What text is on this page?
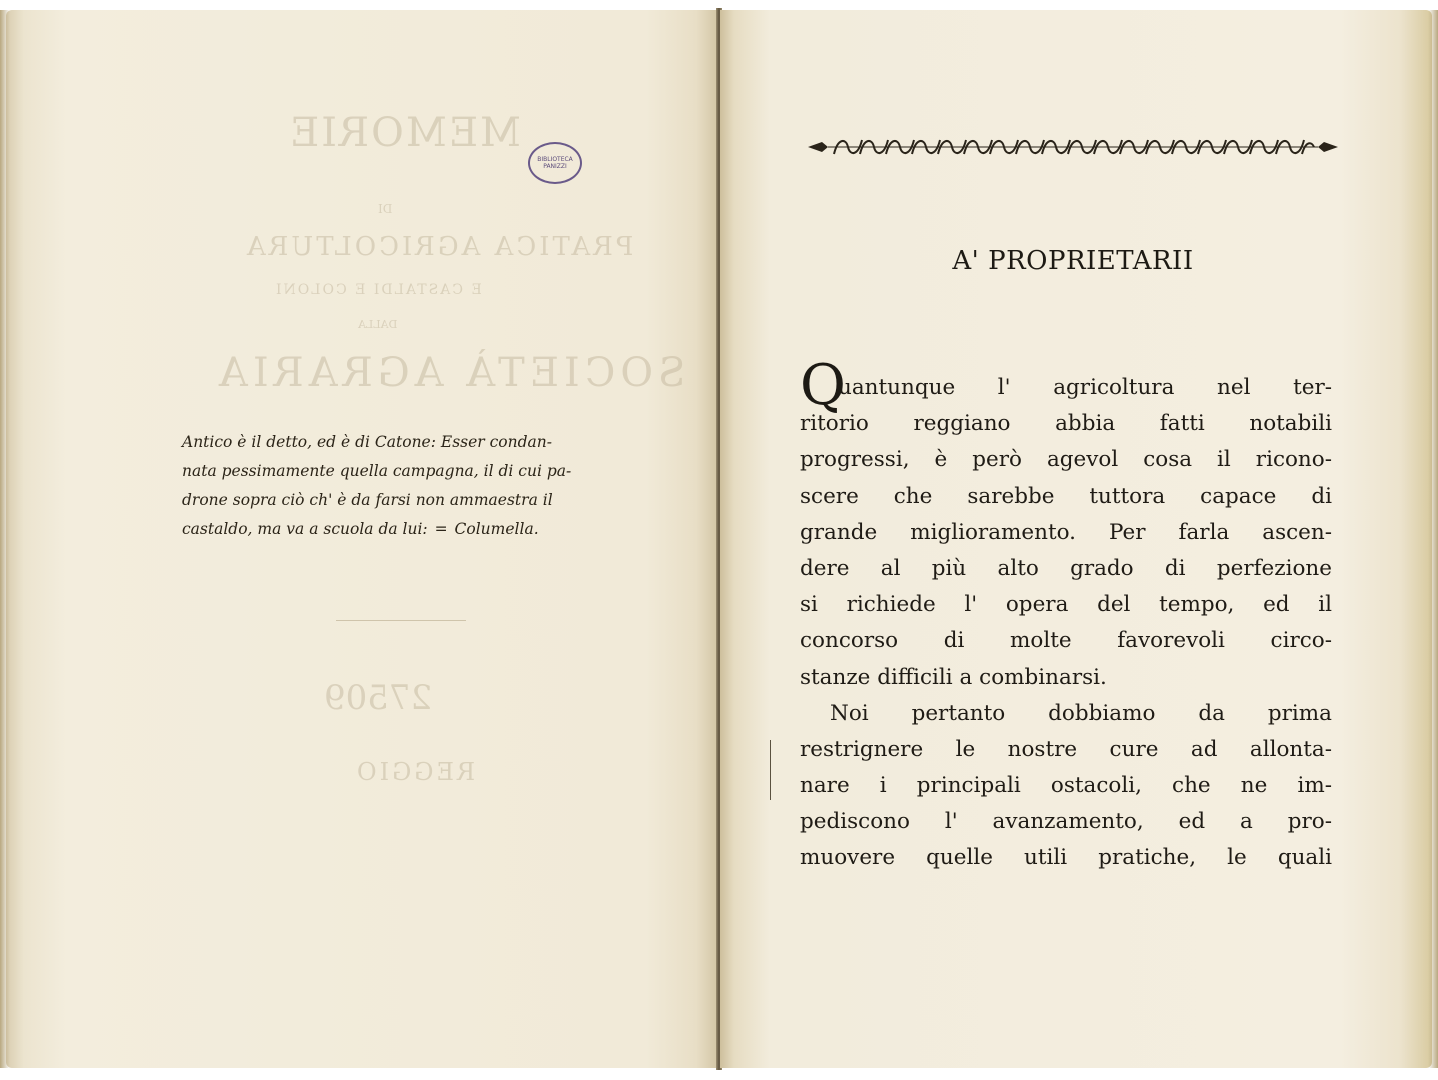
MEMORIE
DI
PRATICA AGRICOLTURA
E CASTALDI E COLONI
DALLA
SOCIETÀ AGRARIA
27509
REGGIO
BIBLIOTECA
PANIZZI
Antico è il detto, ed è di Catone: Esser condan-
nata pessimamente quella campagna, il di cui pa-
drone sopra ciò ch' è da farsi non ammaestra il
castaldo, ma va a scuola da lui: = Columella.
A' PROPRIETARII
Q
uantunque l' agricoltura nel ter-
ritorio reggiano abbia fatti notabili
progressi, è però agevol cosa il ricono-
scere che sarebbe tuttora capace di
grande miglioramento. Per farla ascen-
dere al più alto grado di perfezione
si richiede l' opera del tempo, ed il
concorso di molte favorevoli circo-
stanze difficili a combinarsi.
Noi pertanto dobbiamo da prima
restrignere le nostre cure ad allonta-
nare i principali ostacoli, che ne im-
pediscono l' avanzamento, ed a pro-
muovere quelle utili pratiche, le quali
